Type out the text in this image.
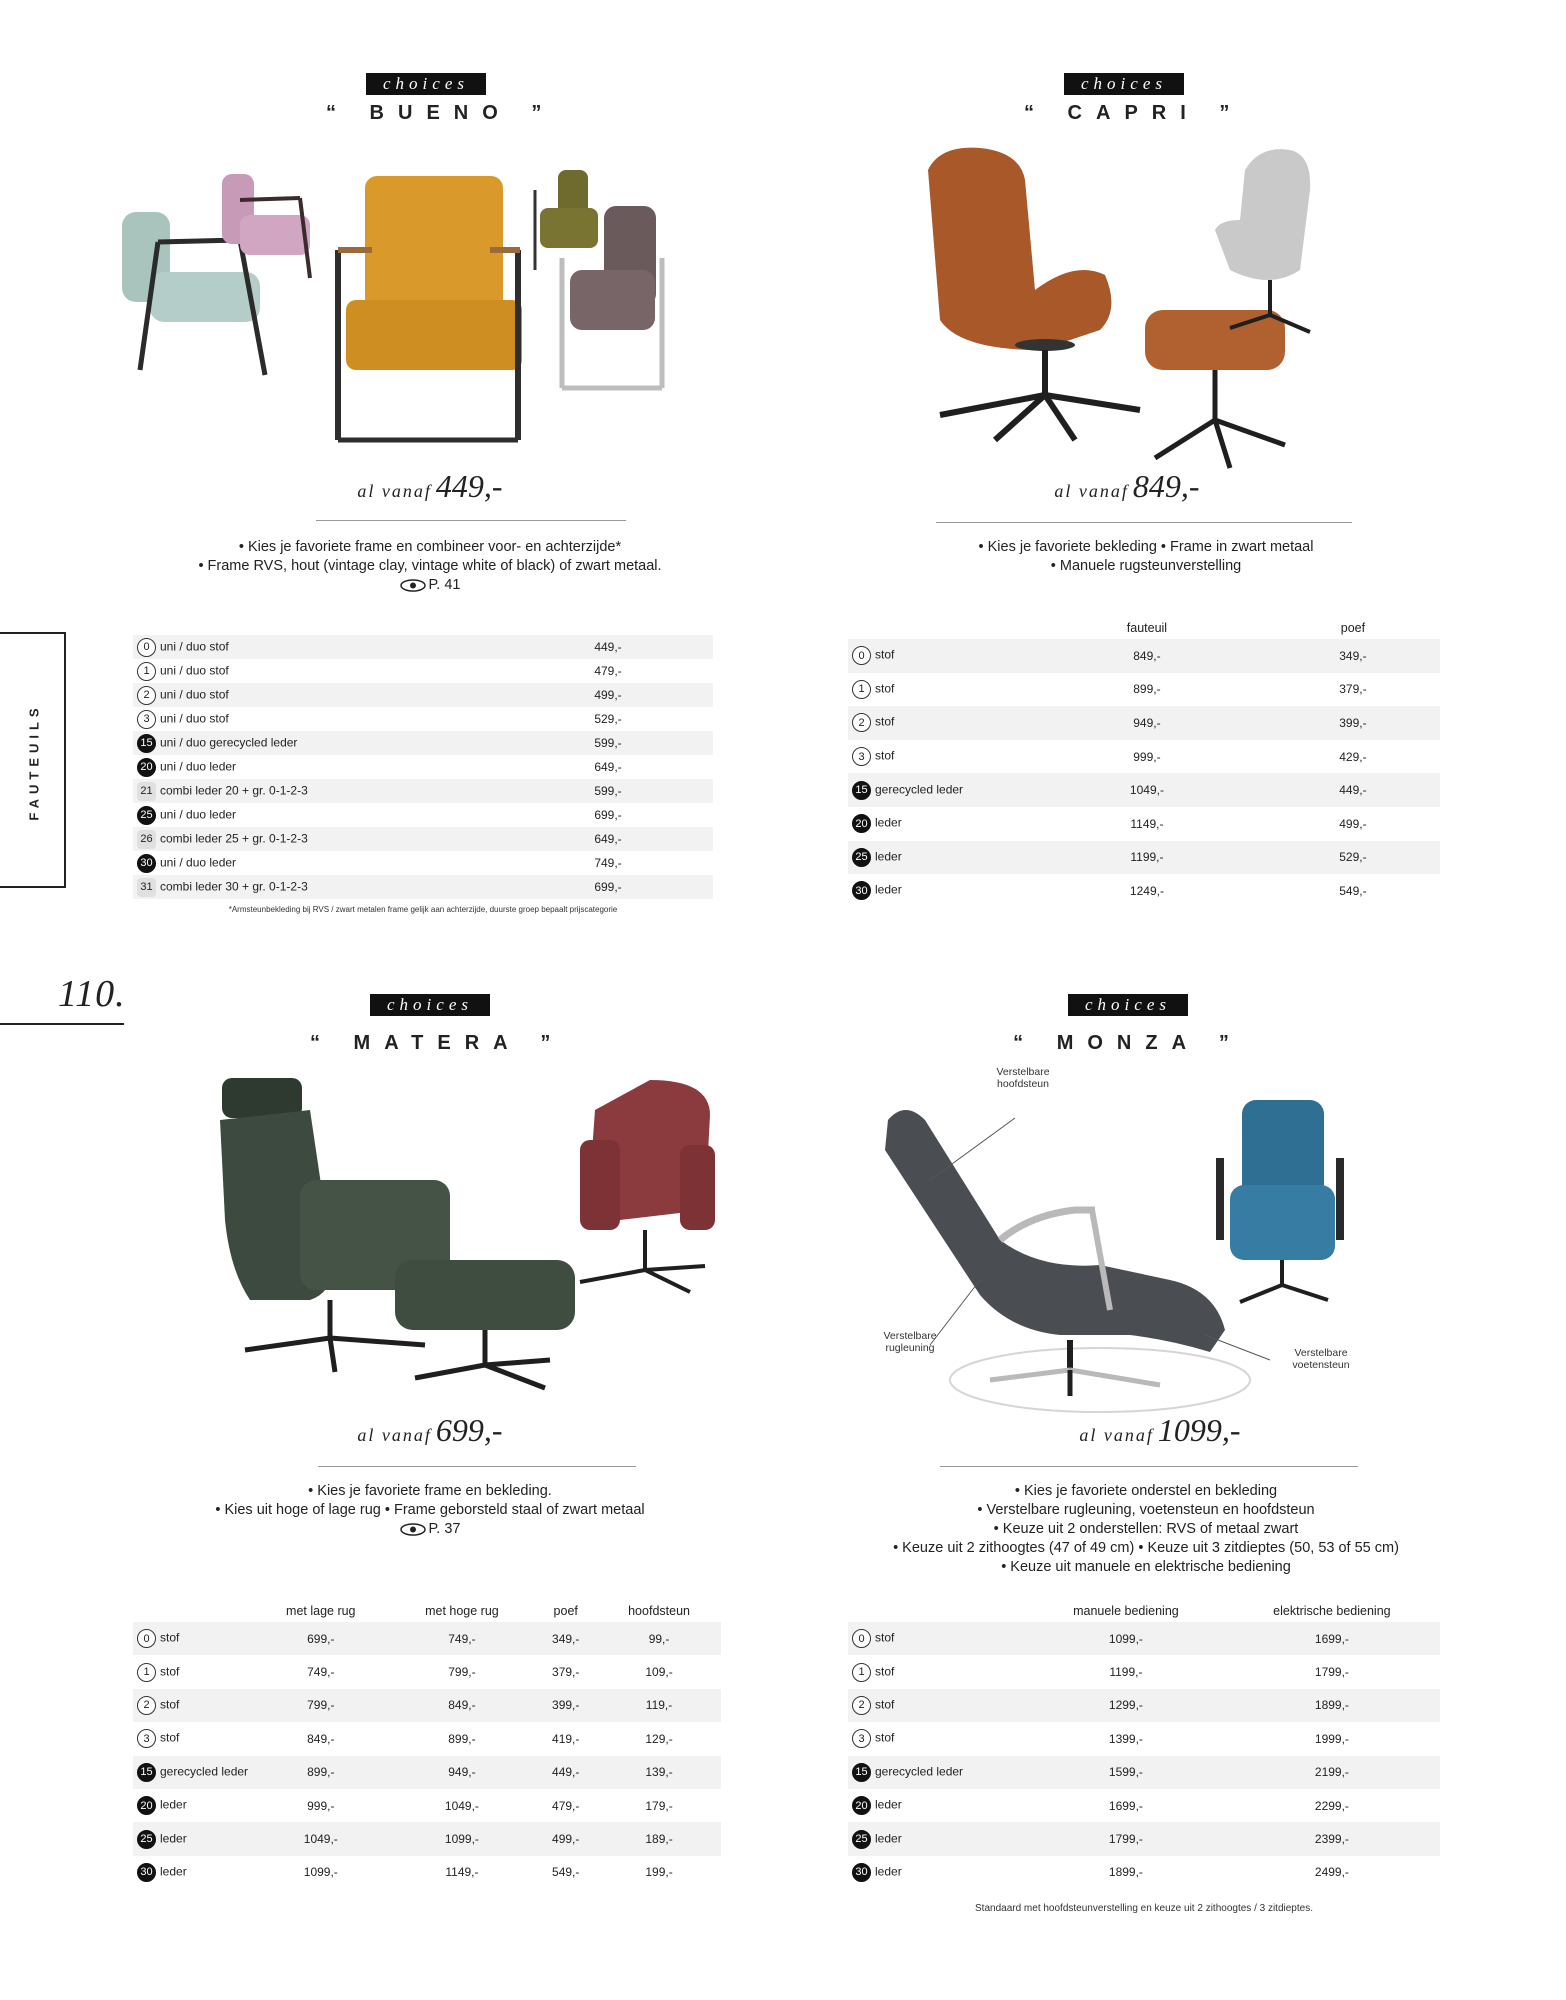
FAUTEUILS
110.
choices
“ BUENO ”
al vanaf 449,-
• Kies je favoriete frame en combineer voor- en achterzijde*
• Frame RVS, hout (vintage clay, vintage white of black) of zwart metaal.
P. 41
0 uni / duo stof	449,-
1 uni / duo stof	479,-
2 uni / duo stof	499,-
3 uni / duo stof	529,-
15 uni / duo gerecycled leder	599,-
20 uni / duo leder	649,-
21 combi leder 20 + gr. 0-1-2-3	599,-
25 uni / duo leder	699,-
26 combi leder 25 + gr. 0-1-2-3	649,-
30 uni / duo leder	749,-
31 combi leder 30 + gr. 0-1-2-3	699,-
*Armsteunbekleding bij RVS / zwart metalen frame gelijk aan achterzijde, duurste groep bepaalt prijscategorie
choices
“ CAPRI ”
al vanaf 849,-
• Kies je favoriete bekleding • Frame in zwart metaal
• Manuele rugsteunverstelling
	fauteuil	poef
0 stof	849,-	349,-
1 stof	899,-	379,-
2 stof	949,-	399,-
3 stof	999,-	429,-
15 gerecycled leder	1049,-	449,-
20 leder	1149,-	499,-
25 leder	1199,-	529,-
30 leder	1249,-	549,-
choices
“ MATERA ”
al vanaf 699,-
• Kies je favoriete frame en bekleding.
• Kies uit hoge of lage rug • Frame geborsteld staal of zwart metaal
P. 37
	met lage rug	met hoge rug	poef	hoofdsteun
0 stof	699,-	749,-	349,-	99,-
1 stof	749,-	799,-	379,-	109,-
2 stof	799,-	849,-	399,-	119,-
3 stof	849,-	899,-	419,-	129,-
15 gerecycled leder	899,-	949,-	449,-	139,-
20 leder	999,-	1049,-	479,-	179,-
25 leder	1049,-	1099,-	499,-	189,-
30 leder	1099,-	1149,-	549,-	199,-
choices
“ MONZA ”
Verstelbare hoofdsteun
Verstelbare rugleuning	Verstelbare voetensteun
al vanaf 1099,-
• Kies je favoriete onderstel en bekleding
• Verstelbare rugleuning, voetensteun en hoofdsteun
• Keuze uit 2 onderstellen: RVS of metaal zwart
• Keuze uit 2 zithoogtes (47 of 49 cm) • Keuze uit 3 zitdieptes (50, 53 of 55 cm)
• Keuze uit manuele en elektrische bediening
	manuele bediening	elektrische bediening
0 stof	1099,-	1699,-
1 stof	1199,-	1799,-
2 stof	1299,-	1899,-
3 stof	1399,-	1999,-
15 gerecycled leder	1599,-	2199,-
20 leder	1699,-	2299,-
25 leder	1799,-	2399,-
30 leder	1899,-	2499,-
Standaard met hoofdsteunverstelling en keuze uit 2 zithoogtes / 3 zitdieptes.
